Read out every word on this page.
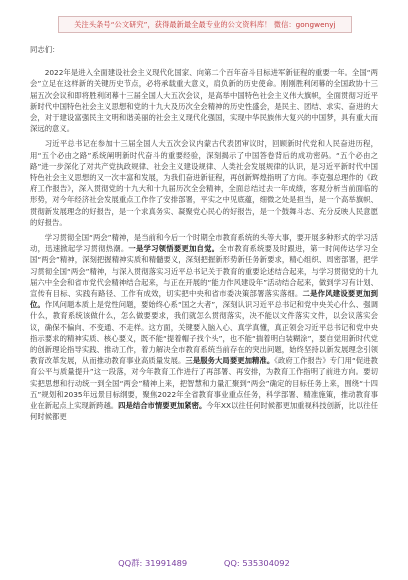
关注头条号“公文研究”，获得最新最全最专业的公文资料库！ 微信：gongwenyj

同志们：

2022年是进入全面建设社会主义现代化国家、向第二个百年奋斗目标进军新征程的重要一年。全国“两会”立足在这样新的关键历史节点，必将承载重大意义，肩负新的历史使命。刚刚胜利闭幕的全国政协十三届五次会议和即将胜利闭幕十三届全国人大五次会议，是高举中国特色社会主义伟大旗帜，全面贯彻习近平新时代中国特色社会主义思想和党的十九大及历次全会精神的历史性盛会，是民主、团结、求实、奋进的大会，对于建设富强民主文明和谐美丽的社会主义现代化强国，实现中华民族伟大复兴的中国梦，具有重大而深远的意义。

习近平总书记在参加十三届全国人大五次会议内蒙古代表团审议时，回顾新时代党和人民奋进历程，用“五个必由之路”系统阐明新时代奋斗的重要经验，深刻揭示了中国答卷背后的成功密码。“五个必由之路”进一步深化了对共产党执政规律、社会主义建设规律、人类社会发展规律的认识，是习近平新时代中国特色社会主义思想的又一次丰富和发展，为我们奋进新征程，再创新辉煌指明了方向。李克强总理作的《政府工作报告》，深入贯彻党的十九大和十九届历次全会精神，全面总结过去一年成绩，客观分析当前面临的形势，对今年经济社会发展重点工作作了安排部署，平实之中见底蕴，细微之处是担当，是一个高举旗帜、贯彻新发展理念的好报告，是一个求真务实、凝聚党心民心的好报告，是一个鼓舞斗志、充分反映人民意愿的好报告。

学习贯彻全国“两会”精神，是当前和今后一个时期全市教育系统的头等大事，要开展多种形式的学习活动，迅速掀起学习贯彻热潮。一是学习领悟要更加自觉。全市教育系统要及时跟进，第一时间传达学习全国“两会”精神，深刻把握精神实质和精髓要义，深刻把握新形势新任务新要求，精心组织、周密部署，把学习贯彻全国“两会”精神，与深入贯彻落实习近平总书记关于教育的重要论述结合起来，与学习贯彻党的十九届六中全会和省市党代会精神结合起来，与正在开展的“能力作风建设年”活动结合起来，做到学习有计划、宣传有目标、实践有路径、工作有成效，切实把中央和省市委决策部署落实落细。二是作风建设要更加到位。作风问题本质上是党性问题，要始终心系“国之大者”，深刻认识习近平总书记和党中央关心什么、强调什么，教育系统该做什么，怎么做要要求，我们就怎么贯彻落实，决不能以文件落实文件，以会议落实会议，确保不偏向、不变通、不走样。这方面，关键要入脑入心、真学真懂，真正领会习近平总书记和党中央指示要求的精神实质、核心要义，既不能“提着帽子找个头”，也不能“揣着明白装糊涂”，要自觉用新时代党的创新理论指导实践、推动工作，着力解决全市教育系统当前存在的突出问题，始终坚持以新发展理念引领教育改革发展，从而推动教育事业高质量发展。三是服务大局要更加精准。《政府工作报告》专门用“促进教育公平与质量提升”这一段落，对今年教育工作进行了再部署、再安排，为教育工作指明了前进方向。要切实把思想和行动统一到全国“两会”精神上来，把智慧和力量汇聚到“两会”确定的目标任务上来，围绕“十四五”规划和2035年远景目标纲要，聚焦2022年全省教育事业重点任务，科学部署、精准施策，推动教育事业在新起点上实现新跨越。四是结合市情要更加紧密。今年XX以往任何时候都更加重视科技创新，比以往任何时候都更

QQ群: 31991489	QQ: 535304092
